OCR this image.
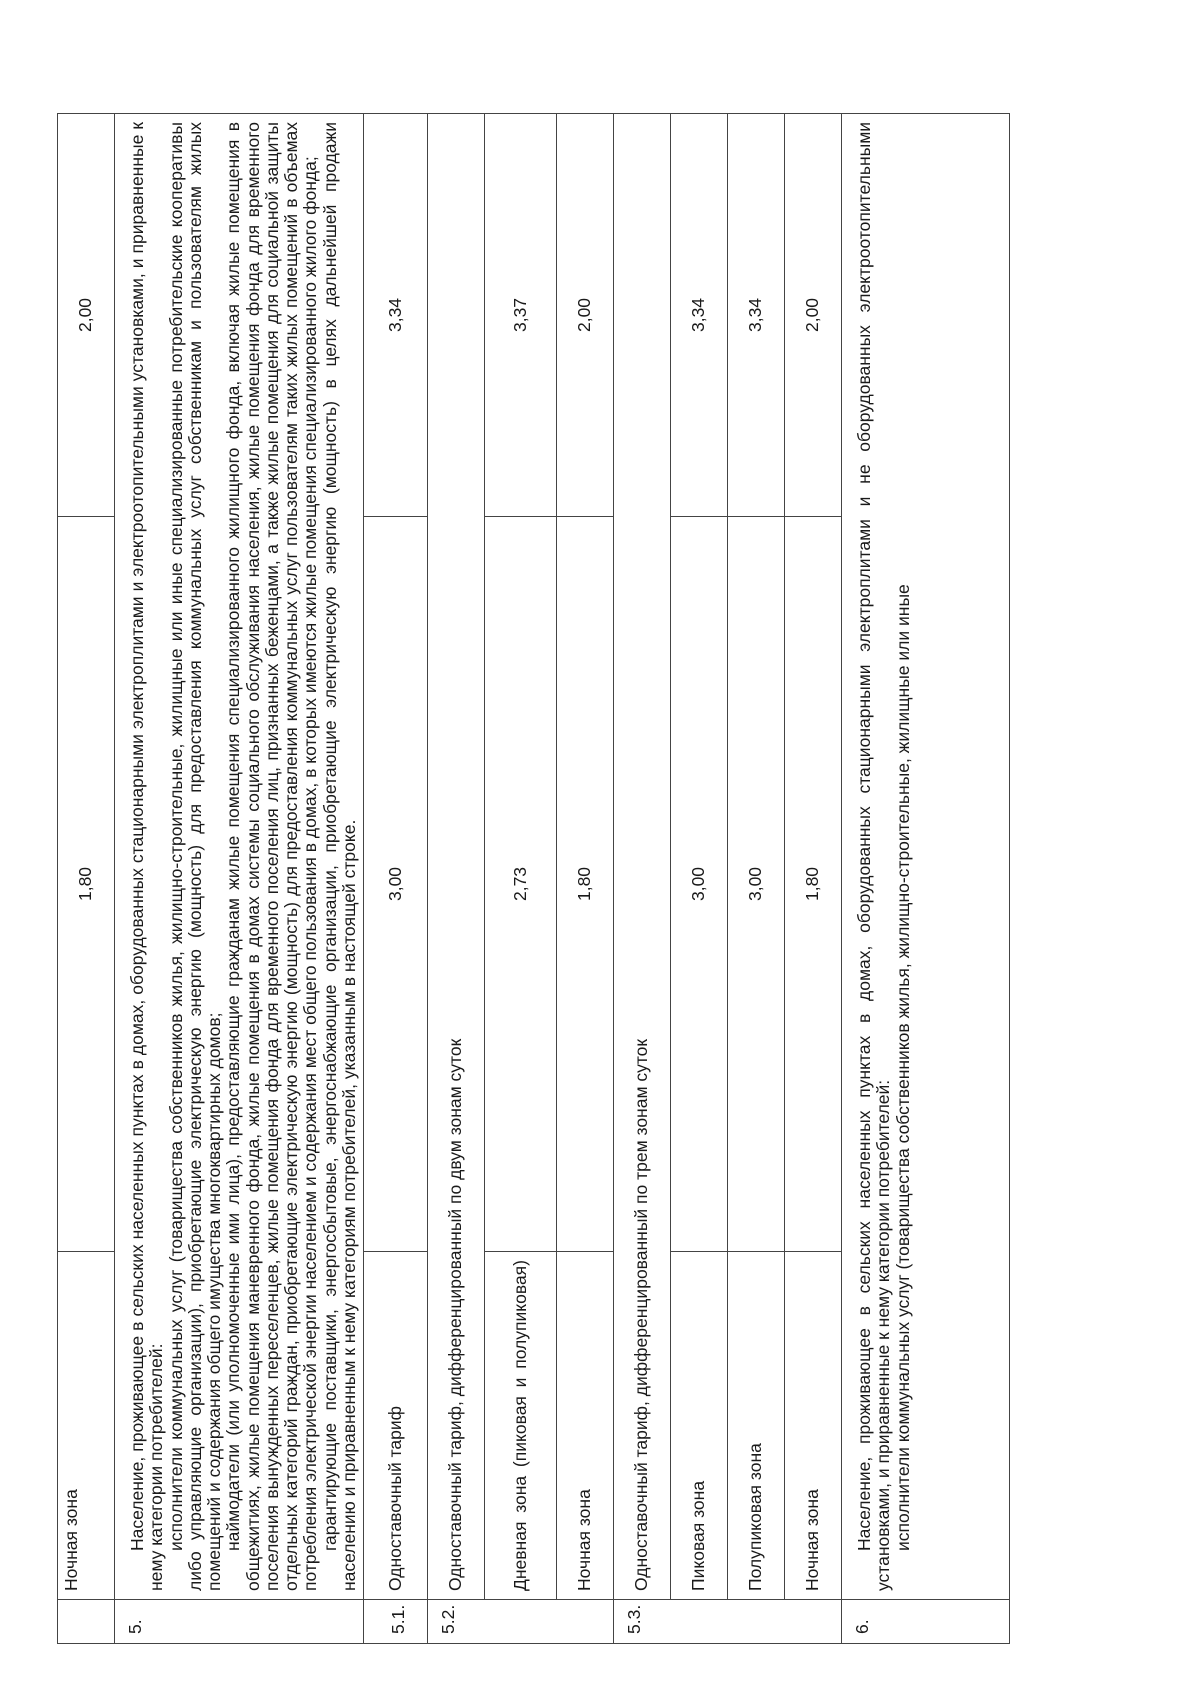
	Ночная зона	1,80	2,00
5.	Население, проживающее в сельских населенных пунктах в домах, оборудованных стационарными электроплитами и электроотопительными установками, и приравненные к нему категории потребителей: исполнители коммунальных услуг (товарищества собственников жилья, жилищно-строительные, жилищные или иные специализированные потребительские кооперативы либо управляющие организации), приобретающие электрическую энергию (мощность) для предоставления коммунальных услуг собственникам и пользователям жилых помещений и содержания общего имущества многоквартирных домов; наймодатели (или уполномоченные ими лица), предоставляющие гражданам жилые помещения специализированного жилищного фонда, включая жилые помещения в общежитиях, жилые помещения маневренного фонда, жилые помещения в домах системы социального обслуживания населения, жилые помещения фонда для временного поселения вынужденных переселенцев, жилые помещения фонда для временного поселения лиц, признанных беженцами, а также жилые помещения для социальной защиты отдельных категорий граждан, приобретающие электрическую энергию (мощность) для предоставления коммунальных услуг пользователям таких жилых помещений в объемах потребления электрической энергии населением и содержания мест общего пользования в домах, в которых имеются жилые помещения специализированного жилого фонда; гарантирующие поставщики, энергосбытовые, энергоснабжающие организации, приобретающие электрическую энергию (мощность) в целях дальнейшей продажи населению и приравненным к нему категориям потребителей, указанным в настоящей строке.		

5.1.	Одноставочный тариф	3,00	3,34
5.2.	Одноставочный тариф, дифференцированный по двум зонам суток		
	Дневная зона (пиковая и полупиковая)	2,73	3,37
	Ночная зона	1,80	2,00
5.3.	Одноставочный тариф, дифференцированный по трем зонам суток		
	Пиковая зона	3,00	3,34
	Полупиковая зона	3,00	3,34
	Ночная зона	1,80	2,00
6.	Население, проживающее в сельских населенных пунктах в домах, оборудованных стационарными электроплитами и не оборудованных электроотопительными установками, и приравненные к нему категории потребителей: исполнители коммунальных услуг (товарищества собственников жилья, жилищно-строительные, жилищные или иные		
